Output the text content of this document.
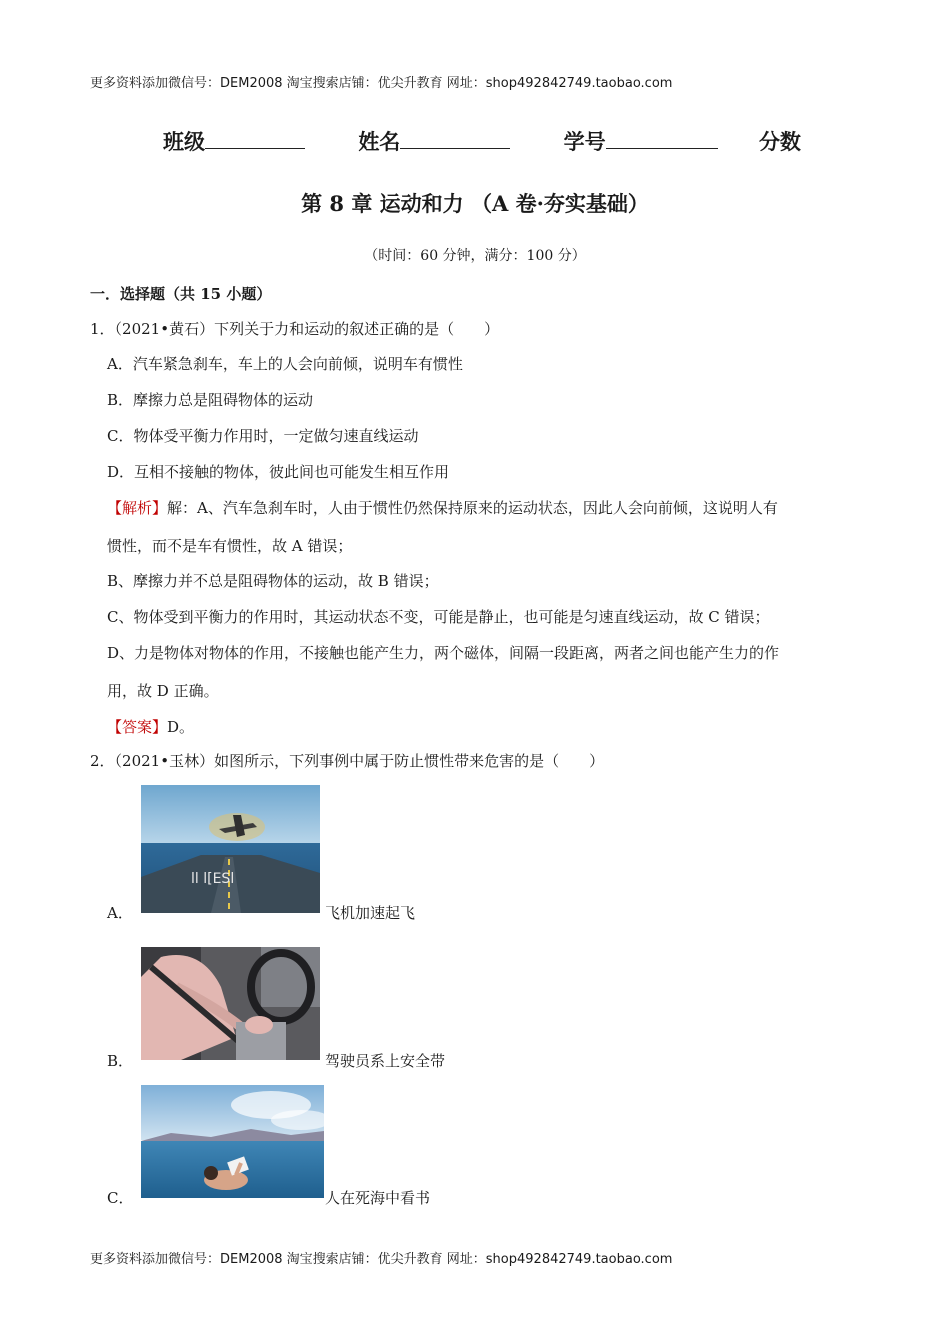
更多资料添加微信号：DEM2008 淘宝搜索店铺：优尖升教育 网址：shop492842749.taobao.com
班级	姓名	学号	分数
第 8 章 运动和力 （A 卷·夯实基础）
（时间：60 分钟，满分：100 分）
一．选择题（共 15 小题）
1．（2021•黄石）下列关于力和运动的叙述正确的是（　　）
A．汽车紧急刹车，车上的人会向前倾，说明车有惯性
B．摩擦力总是阻碍物体的运动
C．物体受平衡力作用时，一定做匀速直线运动
D．互相不接触的物体，彼此间也可能发生相互作用
【解析】解：A、汽车急刹车时，人由于惯性仍然保持原来的运动状态，因此人会向前倾，这说明人有
惯性，而不是车有惯性，故 A 错误；
B、摩擦力并不总是阻碍物体的运动，故 B 错误；
C、物体受到平衡力的作用时，其运动状态不变，可能是静止，也可能是匀速直线运动，故 C 错误；
D、力是物体对物体的作用，不接触也能产生力，两个磁体，间隔一段距离，两者之间也能产生力的作
用，故 D 正确。
【答案】D。
2．（2021•玉林）如图所示，下列事例中属于防止惯性带来危害的是（　　）
ll l[ESl
A．	飞机加速起飞
B．	驾驶员系上安全带
C．	人在死海中看书
更多资料添加微信号：DEM2008 淘宝搜索店铺：优尖升教育 网址：shop492842749.taobao.com
